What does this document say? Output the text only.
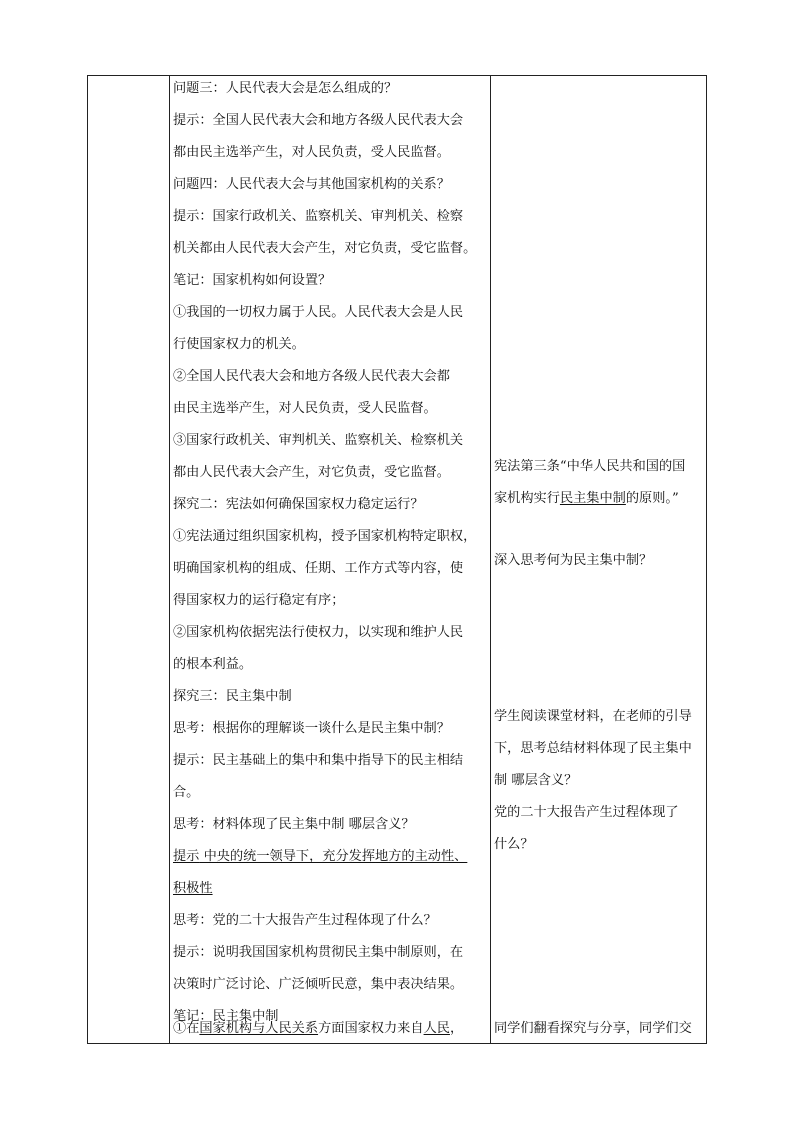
问题三：人民代表大会是怎么组成的？
提示：全国人民代表大会和地方各级人民代表大会
都由民主选举产生，对人民负责，受人民监督。
问题四：人民代表大会与其他国家机构的关系？
提示：国家行政机关、监察机关、审判机关、检察
机关都由人民代表大会产生，对它负责，受它监督。
笔记：国家机构如何设置？
①我国的一切权力属于人民。人民代表大会是人民
行使国家权力的机关。
②全国人民代表大会和地方各级人民代表大会都
由民主选举产生，对人民负责，受人民监督。
③国家行政机关、审判机关、监察机关、检察机关
都由人民代表大会产生，对它负责，受它监督。
探究二：宪法如何确保国家权力稳定运行？
①宪法通过组织国家机构，授予国家机构特定职权，
明确国家机构的组成、任期、工作方式等内容，使
得国家权力的运行稳定有序；
②国家机构依据宪法行使权力，以实现和维护人民
的根本利益。
探究三：民主集中制
思考：根据你的理解谈一谈什么是民主集中制？
提示：民主基础上的集中和集中指导下的民主相结
合。
思考：材料体现了民主集中制 哪层含义？
提示 中央的统一领导下，充分发挥地方的主动性、
积极性
思考：党的二十大报告产生过程体现了什么？
提示：说明我国国家机构贯彻民主集中制原则，在
决策时广泛讨论、广泛倾听民意，集中表决结果。
笔记：民主集中制
①在国家机构与人民关系方面国家权力来自人民，
宪法第三条“中华人民共和国的国
家机构实行民主集中制的原则。”
深入思考何为民主集中制？
学生阅读课堂材料，在老师的引导
下，思考总结材料体现了民主集中
制 哪层含义？
党的二十大报告产生过程体现了
什么？
同学们翻看探究与分享，同学们交
